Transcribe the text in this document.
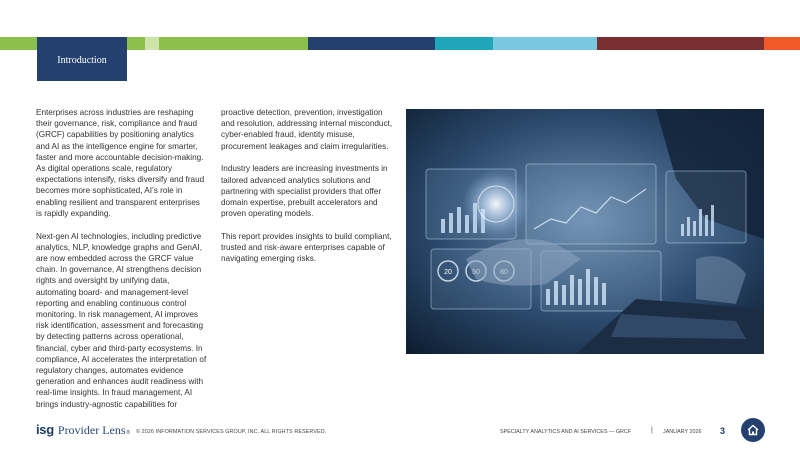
Introduction

Enterprises across industries are reshaping their governance, risk, compliance and fraud (GRCF) capabilities by positioning analytics and AI as the intelligence engine for smarter, faster and more accountable decision-making. As digital operations scale, regulatory expectations intensify, risks diversify and fraud becomes more sophisticated, AI’s role in enabling resilient and transparent enterprises is rapidly expanding.

Next-gen AI technologies, including predictive analytics, NLP, knowledge graphs and GenAI, are now embedded across the GRCF value chain. In governance, AI strengthens decision rights and oversight by unifying data, automating board- and management-level reporting and enabling continuous control monitoring. In risk management, AI improves risk identification, assessment and forecasting by detecting patterns across operational, financial, cyber and third-party ecosystems. In compliance, AI accelerates the interpretation of regulatory changes, automates evidence generation and enhances audit readiness with real-time insights. In fraud management, AI brings industry-agnostic capabilities for

proactive detection, prevention, investigation and resolution, addressing internal misconduct, cyber-enabled fraud, identity misuse, procurement leakages and claim irregularities.

Industry leaders are increasing investments in tailored advanced analytics solutions and partnering with specialist providers that offer domain expertise, prebuilt accelerators and proven operating models.

This report provides insights to build compliant, trusted and risk-aware enterprises capable of navigating emerging risks.

20
isg Provider Lens ® © 2026 INFORMATION SERVICES GROUP, INC. ALL RIGHTS RESERVED.	SPECIALTY ANALYTICS AND AI SERVICES — GRCF	| JANUARY 2026 3
